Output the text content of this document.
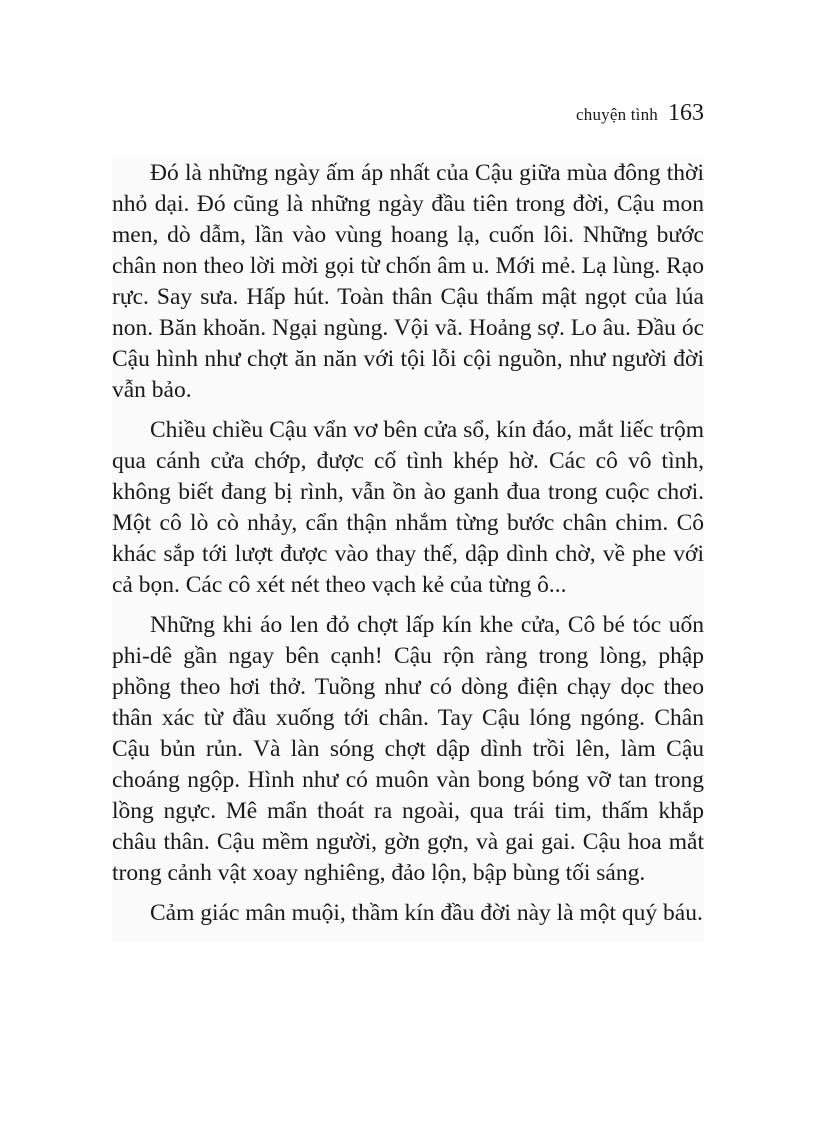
chuyện tình 163

Đó là những ngày ấm áp nhất của Cậu giữa mùa đông thời nhỏ dại. Đó cũng là những ngày đầu tiên trong đời, Cậu mon men, dò dẫm, lần vào vùng hoang lạ, cuốn lôi. Những bước chân non theo lời mời gọi từ chốn âm u. Mới mẻ. Lạ lùng. Rạo rực. Say sưa. Hấp hút. Toàn thân Cậu thấm mật ngọt của lúa non. Băn khoăn. Ngại ngùng. Vội vã. Hoảng sợ. Lo âu. Đầu óc Cậu hình như chợt ăn năn với tội lỗi cội nguồn, như người đời vẫn bảo.

Chiều chiều Cậu vẩn vơ bên cửa sổ, kín đáo, mắt liếc trộm qua cánh cửa chớp, được cố tình khép hờ. Các cô vô tình, không biết đang bị rình, vẫn ồn ào ganh đua trong cuộc chơi. Một cô lò cò nhảy, cẩn thận nhắm từng bước chân chim. Cô khác sắp tới lượt được vào thay thế, dập dình chờ, về phe với cả bọn. Các cô xét nét theo vạch kẻ của từng ô...

Những khi áo len đỏ chợt lấp kín khe cửa, Cô bé tóc uốn phi-dê gần ngay bên cạnh! Cậu rộn ràng trong lòng, phập phồng theo hơi thở. Tuồng như có dòng điện chạy dọc theo thân xác từ đầu xuống tới chân. Tay Cậu lóng ngóng. Chân Cậu bủn rủn. Và làn sóng chợt dập dình trồi lên, làm Cậu choáng ngộp. Hình như có muôn vàn bong bóng vỡ tan trong lồng ngực. Mê mẩn thoát ra ngoài, qua trái tim, thấm khắp châu thân. Cậu mềm người, gờn gợn, và gai gai. Cậu hoa mắt trong cảnh vật xoay nghiêng, đảo lộn, bập bùng tối sáng.

Cảm giác mân muội, thầm kín đầu đời này là một quý báu.
